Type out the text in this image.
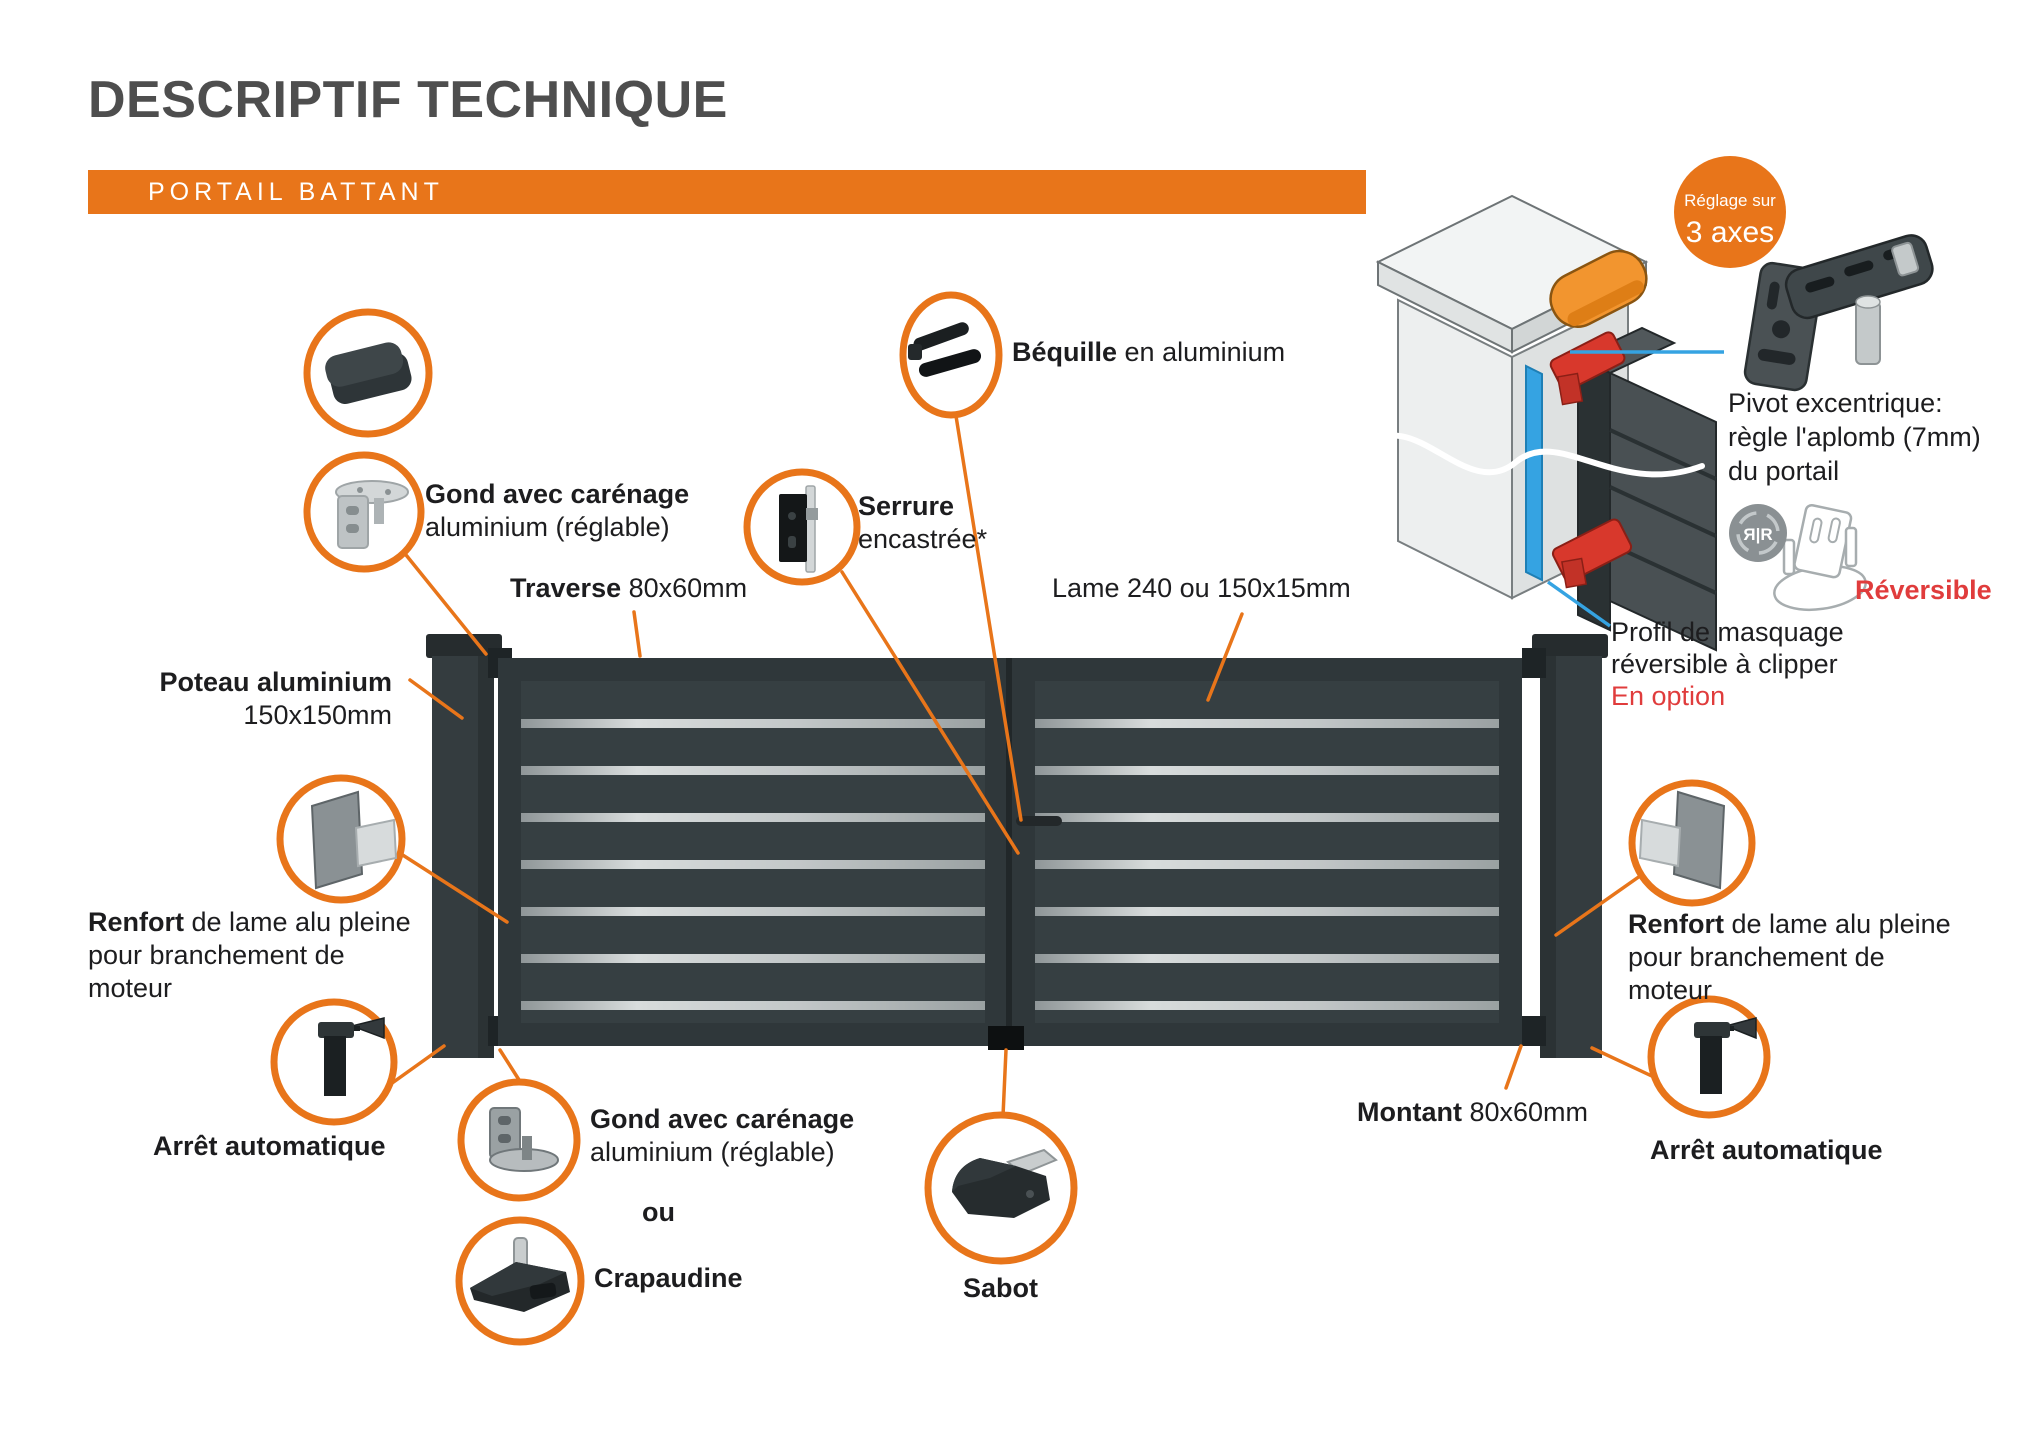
Я|R
Réglage sur
3 axes
DESCRIPTIF TECHNIQUE
PORTAIL BATTANT
Gond avec carénage
aluminium (réglable)
Traverse 80x60mm
Béquille en aluminium
Serrure
encastrée*
Lame 240 ou 150x15mm
Poteau aluminium
150x150mm
Renfort de lame alu pleine
pour branchement de
moteur
Arrêt automatique
Gond avec carénage
aluminium (réglable)
ou
Crapaudine	Sabot
Montant 80x60mm
Renfort de lame alu pleine
pour branchement de
moteur
Arrêt automatique
Pivot excentrique:
règle l'aplomb (7mm)
du portail
Réversible
Profil de masquage
réversible à clipper
En option
